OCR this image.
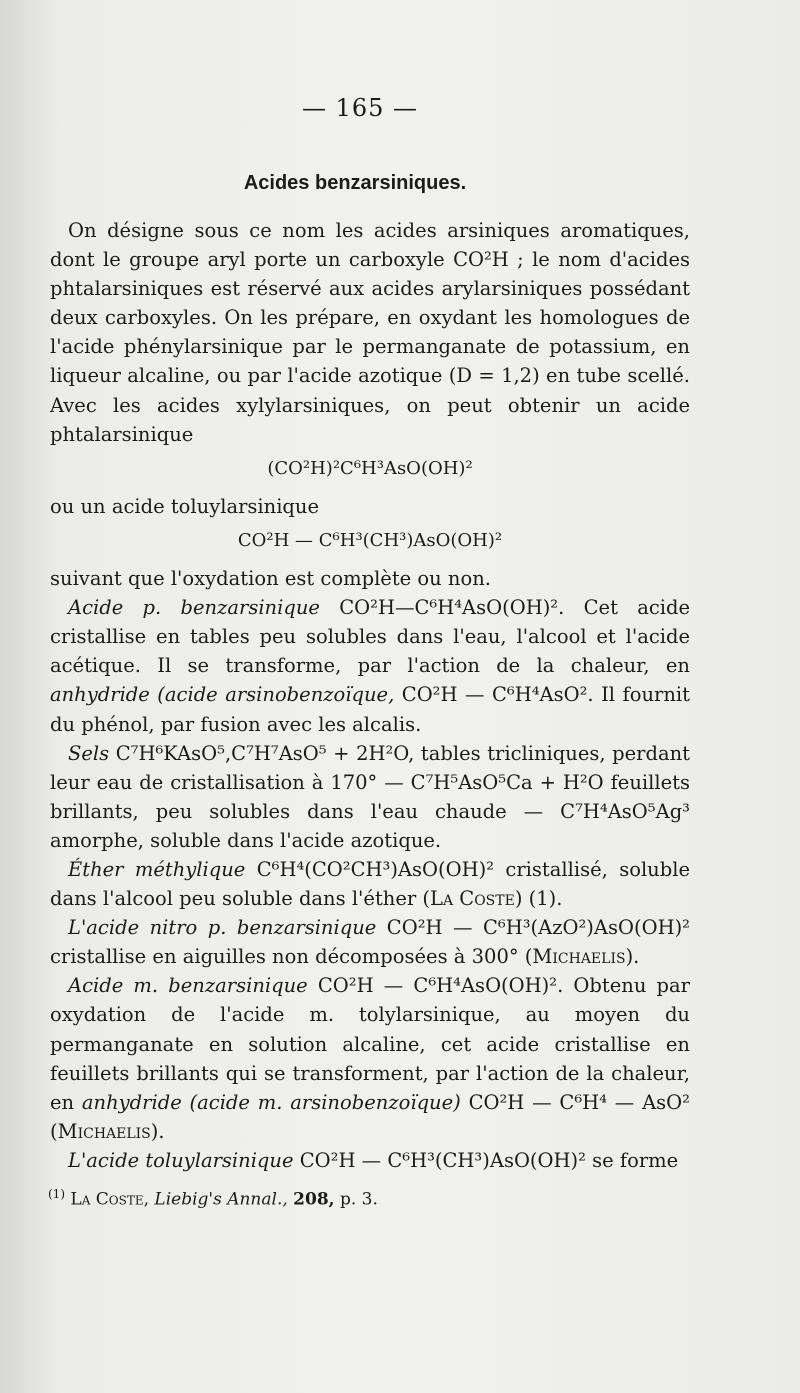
— 165 —
Acides benzarsiniques.

On désigne sous ce nom les acides arsiniques aromatiques, dont le groupe aryl porte un carboxyle CO²H ; le nom d'acides phtalarsiniques est réservé aux acides arylarsiniques possédant deux carboxyles. On les prépare, en oxydant les homologues de l'acide phénylarsinique par le permanganate de potassium, en liqueur alcaline, ou par l'acide azotique (D = 1,2) en tube scellé. Avec les acides xylylarsiniques, on peut obtenir un acide phtalarsinique

(CO²H)²C⁶H³AsO(OH)²

ou un acide toluylarsinique

CO²H — C⁶H³(CH³)AsO(OH)²

suivant que l'oxydation est complète ou non.

Acide p. benzarsinique CO²H—C⁶H⁴AsO(OH)². Cet acide cristallise en tables peu solubles dans l'eau, l'alcool et l'acide acétique. Il se transforme, par l'action de la chaleur, en anhydride (acide arsinobenzoïque, CO²H — C⁶H⁴AsO². Il fournit du phénol, par fusion avec les alcalis.

Sels C⁷H⁶KAsO⁵,C⁷H⁷AsO⁵ + 2H²O, tables tricliniques, perdant leur eau de cristallisation à 170° — C⁷H⁵AsO⁵Ca + H²O feuillets brillants, peu solubles dans l'eau chaude — C⁷H⁴AsO⁵Ag³ amorphe, soluble dans l'acide azotique.

Éther méthylique C⁶H⁴(CO²CH³)AsO(OH)² cristallisé, soluble dans l'alcool peu soluble dans l'éther (La Coste) (1).

L'acide nitro p. benzarsinique CO²H — C⁶H³(AzO²)AsO(OH)² cristallise en aiguilles non décomposées à 300° (Michaelis).

Acide m. benzarsinique CO²H — C⁶H⁴AsO(OH)². Obtenu par oxydation de l'acide m. tolylarsinique, au moyen du permanganate en solution alcaline, cet acide cristallise en feuillets brillants qui se transforment, par l'action de la chaleur, en anhydride (acide m. arsinobenzoïque) CO²H — C⁶H⁴ — AsO² (Michaelis).

L'acide toluylarsinique CO²H — C⁶H³(CH³)AsO(OH)² se forme

$^{(1)}$ La Coste, Liebig's Annal., 208, p. 3.
